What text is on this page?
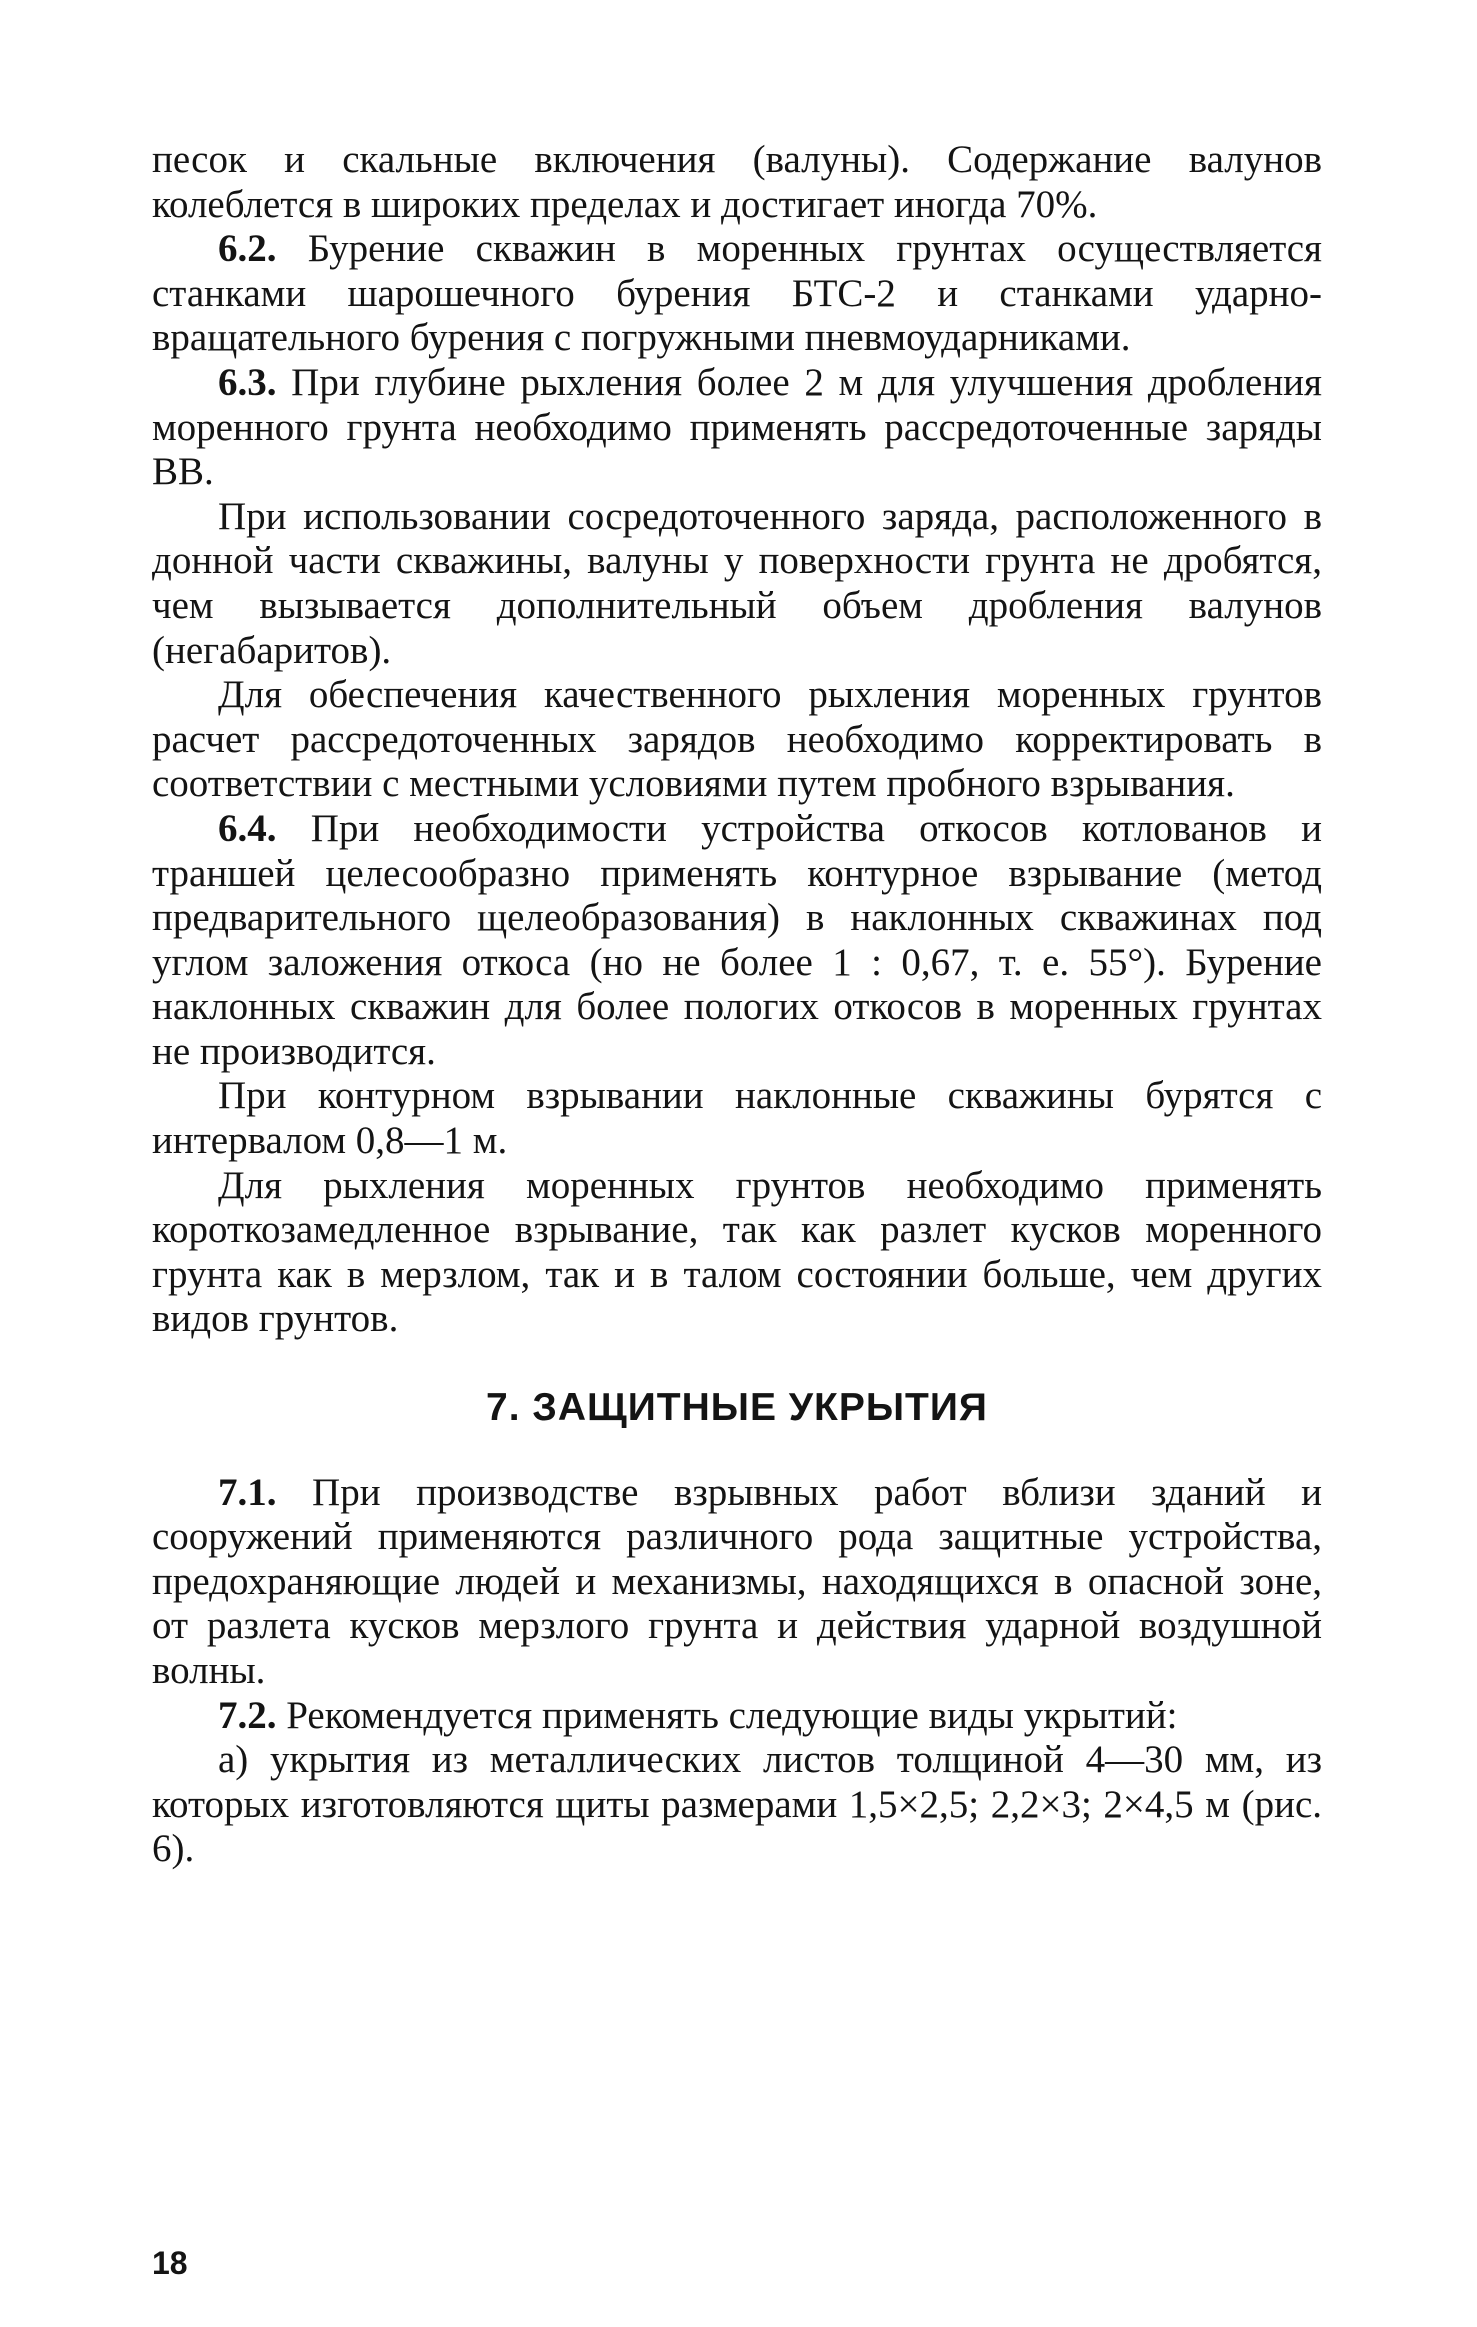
песок и скальные включения (валуны). Содержание валунов колеблется в широких пределах и достигает иногда 70%.

6.2. Бурение скважин в моренных грунтах осуществляется станками шарошечного бурения БТС-2 и станками ударно-вращательного бурения с погружными пневмоударниками.

6.3. При глубине рыхления более 2 м для улучшения дробления моренного грунта необходимо применять рассредоточенные заряды ВВ.

При использовании сосредоточенного заряда, расположенного в донной части скважины, валуны у поверхности грунта не дробятся, чем вызывается дополнительный объем дробления валунов (негабаритов).

Для обеспечения качественного рыхления моренных грунтов расчет рассредоточенных зарядов необходимо корректировать в соответствии с местными условиями путем пробного взрывания.

6.4. При необходимости устройства откосов котлованов и траншей целесообразно применять контурное взрывание (метод предварительного щелеобразования) в наклонных скважинах под углом заложения откоса (но не более 1 : 0,67, т. е. 55°). Бурение наклонных скважин для более пологих откосов в моренных грунтах не производится.

При контурном взрывании наклонные скважины бурятся с интервалом 0,8—1 м.

Для рыхления моренных грунтов необходимо применять короткозамедленное взрывание, так как разлет кусков моренного грунта как в мерзлом, так и в талом состоянии больше, чем других видов грунтов.

7. ЗАЩИТНЫЕ УКРЫТИЯ

7.1. При производстве взрывных работ вблизи зданий и сооружений применяются различного рода защитные устройства, предохраняющие людей и механизмы, находящихся в опасной зоне, от разлета кусков мерзлого грунта и действия ударной воздушной волны.

7.2. Рекомендуется применять следующие виды укрытий:

а) укрытия из металлических листов толщиной 4—30 мм, из которых изготовляются щиты размерами 1,5×2,5; 2,2×3; 2×4,5 м (рис. 6).

18
